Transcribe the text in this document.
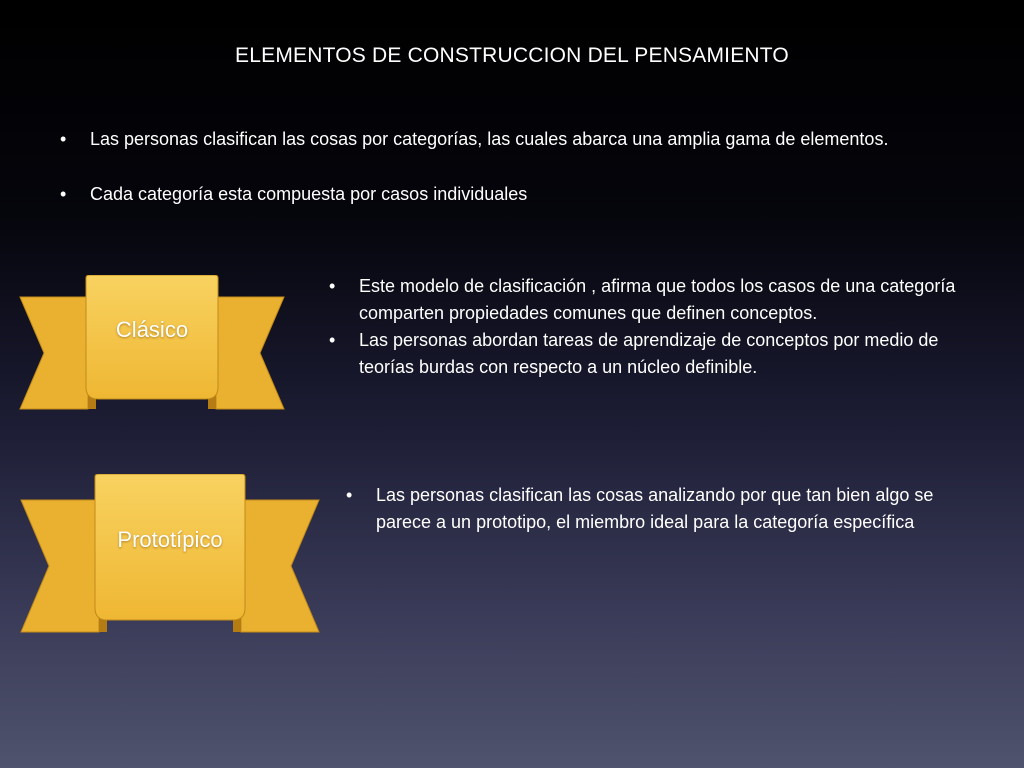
ELEMENTOS DE CONSTRUCCION DEL PENSAMIENTO
• Las personas clasifican las cosas por categorías, las cuales abarca una amplia gama de elementos.
• Cada categoría esta compuesta por casos individuales
Clásico
• Este modelo de clasificación , afirma que todos los casos de una categoría comparten propiedades comunes que definen conceptos.
• Las personas abordan tareas de aprendizaje de conceptos por medio de teorías burdas con respecto a un núcleo definible.
Prototípico
• Las personas clasifican las cosas analizando por que tan bien algo se parece a un prototipo, el miembro ideal para la categoría específica
